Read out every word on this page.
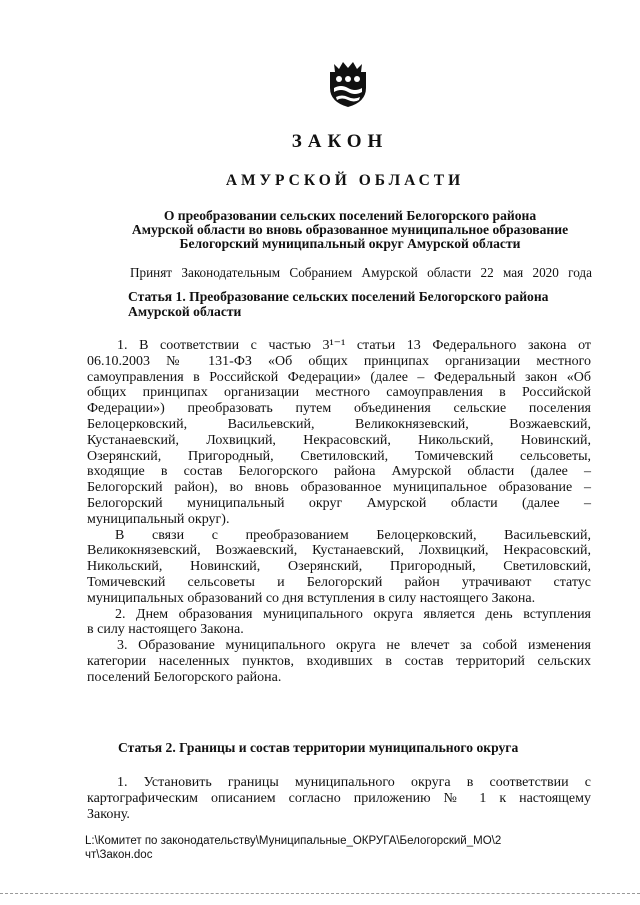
ЗАКОН
АМУРСКОЙ ОБЛАСТИ
О преобразовании сельских поселений Белогорского района
Амурской области во вновь образованное муниципальное образование
Белогорский муниципальный округ Амурской области
Принят Законодательным Собранием Амурской области 22 мая 2020 года
Статья 1. Преобразование сельских поселений Белогорского района
Амурской области
1. В соответствии с частью 3¹⁻¹ статьи 13 Федерального закона от
06.10.2003 № 131-ФЗ «Об общих принципах организации местного
самоуправления в Российской Федерации» (далее – Федеральный закон «Об
общих принципах организации местного самоуправления в Российской
Федерации») преобразовать путем объединения сельские поселения
Белоцерковский, Васильевский, Великокнязевский, Возжаевский,
Кустанаевский, Лохвицкий, Некрасовский, Никольский, Новинский,
Озерянский, Пригородный, Светиловский, Томичевский сельсоветы,
входящие в состав Белогорского района Амурской области (далее –
Белогорский район), во вновь образованное муниципальное образование –
Белогорский муниципальный округ Амурской области (далее –
муниципальный округ).
В связи с преобразованием Белоцерковский, Васильевский,
Великокнязевский, Возжаевский, Кустанаевский, Лохвицкий, Некрасовский,
Никольский, Новинский, Озерянский, Пригородный, Светиловский,
Томичевский сельсоветы и Белогорский район утрачивают статус
муниципальных образований со дня вступления в силу настоящего Закона.
2. Днем образования муниципального округа является день вступления
в силу настоящего Закона.
3. Образование муниципального округа не влечет за собой изменения
категории населенных пунктов, входивших в состав территорий сельских
поселений Белогорского района.
Статья 2. Границы и состав территории муниципального округа
1. Установить границы муниципального округа в соответствии с
картографическим описанием согласно приложению № 1 к настоящему
Закону.
L:\Комитет по законодательству\Муниципальные_ОКРУГА\Белогорский_МО\2
чт\Закон.doc
